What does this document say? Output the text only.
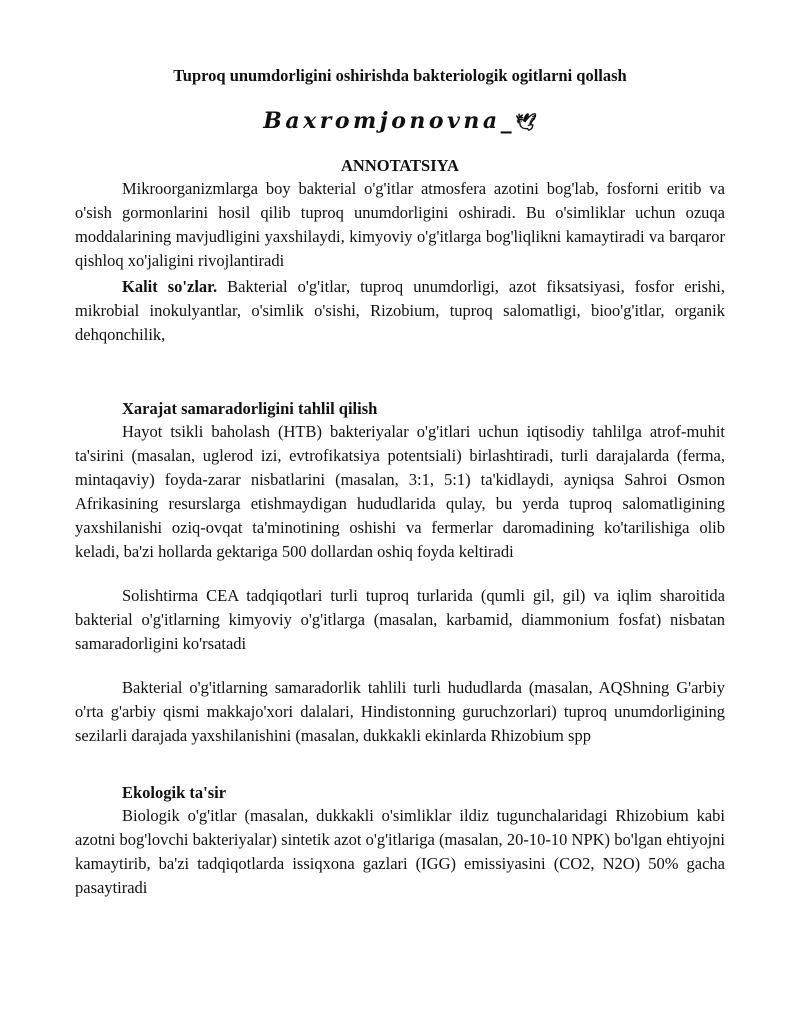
Tuproq unumdorligini oshirishda bakteriologik ogitlarni qollash
Baxromjonovna_🕊
ANNOTATSIYA

Mikroorganizmlarga boy bakterial o'g'itlar atmosfera azotini bog'lab, fosforni eritib va o'sish gormonlarini hosil qilib tuproq unumdorligini oshiradi. Bu o'simliklar uchun ozuqa moddalarining mavjudligini yaxshilaydi, kimyoviy o'g'itlarga bog'liqlikni kamaytiradi va barqaror qishloq xo'jaligini rivojlantiradi

Kalit so'zlar. Bakterial o'g'itlar, tuproq unumdorligi, azot fiksatsiyasi, fosfor erishi, mikrobial inokulyantlar, o'simlik o'sishi, Rizobium, tuproq salomatligi, bioo'g'itlar, organik dehqonchilik,

Xarajat samaradorligini tahlil qilish

Hayot tsikli baholash (HTB) bakteriyalar o'g'itlari uchun iqtisodiy tahlilga atrof-muhit ta'sirini (masalan, uglerod izi, evtrofikatsiya potentsiali) birlashtiradi, turli darajalarda (ferma, mintaqaviy) foyda-zarar nisbatlarini (masalan, 3:1, 5:1) ta'kidlaydi, ayniqsa Sahroi Osmon Afrikasining resurslarga etishmaydigan hududlarida qulay, bu yerda tuproq salomatligining yaxshilanishi oziq-ovqat ta'minotining oshishi va fermerlar daromadining ko'tarilishiga olib keladi, ba'zi hollarda gektariga 500 dollardan oshiq foyda keltiradi

Solishtirma CEA tadqiqotlari turli tuproq turlarida (qumli gil, gil) va iqlim sharoitida bakterial o'g'itlarning kimyoviy o'g'itlarga (masalan, karbamid, diammonium fosfat) nisbatan samaradorligini ko'rsatadi

Bakterial o'g'itlarning samaradorlik tahlili turli hududlarda (masalan, AQShning G'arbiy o'rta g'arbiy qismi makkajo'xori dalalari, Hindistonning guruchzorlari) tuproq unumdorligining sezilarli darajada yaxshilanishini (masalan, dukkakli ekinlarda Rhizobium spp

Ekologik ta'sir

Biologik o'g'itlar (masalan, dukkakli o'simliklar ildiz tugunchalaridagi Rhizobium kabi azotni bog'lovchi bakteriyalar) sintetik azot o'g'itlariga (masalan, 20-10-10 NPK) bo'lgan ehtiyojni kamaytirib, ba'zi tadqiqotlarda issiqxona gazlari (IGG) emissiyasini (CO2, N2O) 50% gacha pasaytiradi
